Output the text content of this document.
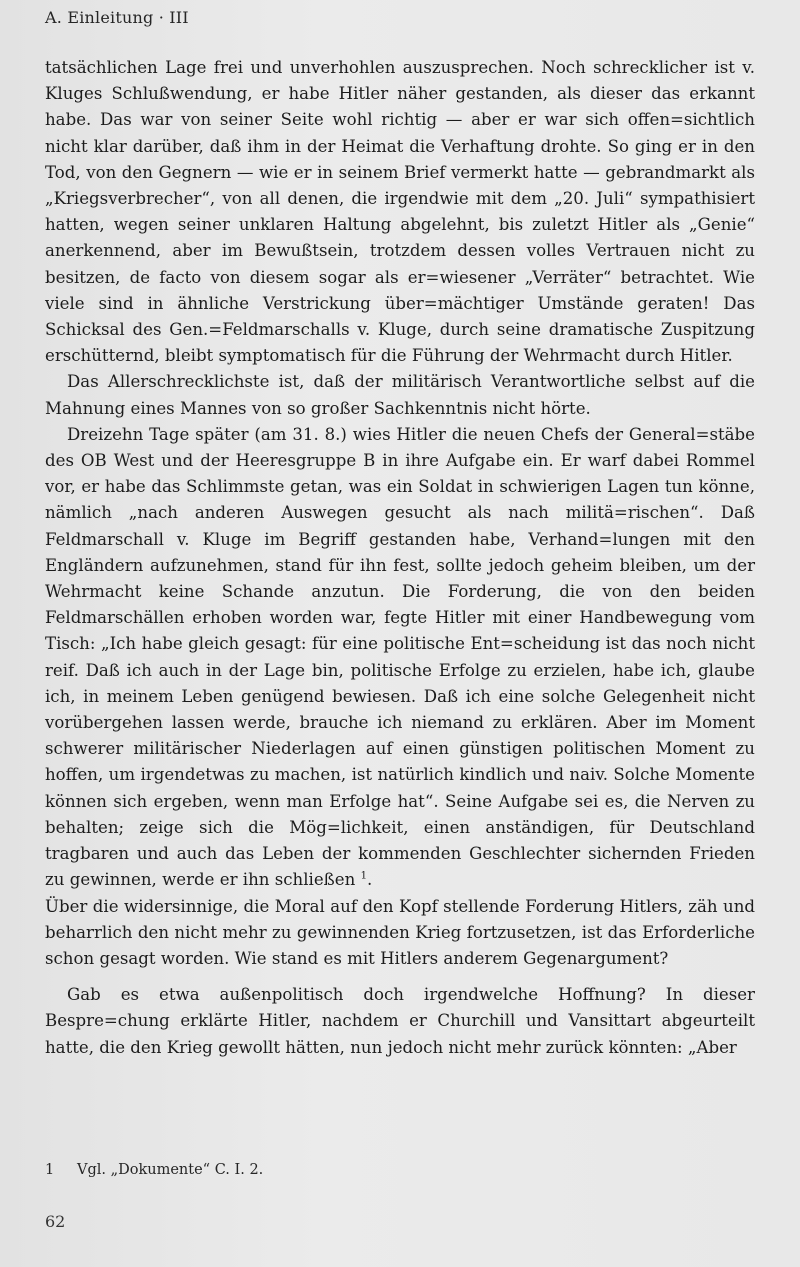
A. Einleitung · III

tatsächlichen Lage frei und unverhohlen auszusprechen. Noch schrecklicher ist v. Kluges Schlußwendung, er habe Hitler näher gestanden, als dieser das erkannt habe. Das war von seiner Seite wohl richtig — aber er war sich offen=sichtlich nicht klar darüber, daß ihm in der Heimat die Verhaftung drohte. So ging er in den Tod, von den Gegnern — wie er in seinem Brief vermerkt hatte — gebrandmarkt als „Kriegsverbrecher“, von all denen, die irgendwie mit dem „20. Juli“ sympathisiert hatten, wegen seiner unklaren Haltung abgelehnt, bis zuletzt Hitler als „Genie“ anerkennend, aber im Bewußtsein, trotzdem dessen volles Vertrauen nicht zu besitzen, de facto von diesem sogar als er=wiesener „Verräter“ betrachtet. Wie viele sind in ähnliche Verstrickung über=mächtiger Umstände geraten! Das Schicksal des Gen.=Feldmarschalls v. Kluge, durch seine dramatische Zuspitzung erschütternd, bleibt symptomatisch für die Führung der Wehrmacht durch Hitler.

Das Allerschrecklichste ist, daß der militärisch Verantwortliche selbst auf die Mahnung eines Mannes von so großer Sachkenntnis nicht hörte.

Dreizehn Tage später (am 31. 8.) wies Hitler die neuen Chefs der General=stäbe des OB West und der Heeresgruppe B in ihre Aufgabe ein. Er warf dabei Rommel vor, er habe das Schlimmste getan, was ein Soldat in schwierigen Lagen tun könne, nämlich „nach anderen Auswegen gesucht als nach militä=rischen“. Daß Feldmarschall v. Kluge im Begriff gestanden habe, Verhand=lungen mit den Engländern aufzunehmen, stand für ihn fest, sollte jedoch geheim bleiben, um der Wehrmacht keine Schande anzutun. Die Forderung, die von den beiden Feldmarschällen erhoben worden war, fegte Hitler mit einer Handbewegung vom Tisch: „Ich habe gleich gesagt: für eine politische Ent=scheidung ist das noch nicht reif. Daß ich auch in der Lage bin, politische Erfolge zu erzielen, habe ich, glaube ich, in meinem Leben genügend bewiesen. Daß ich eine solche Gelegenheit nicht vorübergehen lassen werde, brauche ich niemand zu erklären. Aber im Moment schwerer militärischer Niederlagen auf einen günstigen politischen Moment zu hoffen, um irgendetwas zu machen, ist natürlich kindlich und naiv. Solche Momente können sich ergeben, wenn man Erfolge hat“. Seine Aufgabe sei es, die Nerven zu behalten; zeige sich die Mög=lichkeit, einen anständigen, für Deutschland tragbaren und auch das Leben der kommenden Geschlechter sichernden Frieden zu gewinnen, werde er ihn schließen $^1$.

Über die widersinnige, die Moral auf den Kopf stellende Forderung Hitlers, zäh und beharrlich den nicht mehr zu gewinnenden Krieg fortzusetzen, ist das Erforderliche schon gesagt worden. Wie stand es mit Hitlers anderem Gegenargument?

Gab es etwa außenpolitisch doch irgendwelche Hoffnung? In dieser Bespre=chung erklärte Hitler, nachdem er Churchill und Vansittart abgeurteilt hatte, die den Krieg gewollt hätten, nun jedoch nicht mehr zurück könnten: „Aber

1 Vgl. „Dokumente“ C. I. 2.
62
